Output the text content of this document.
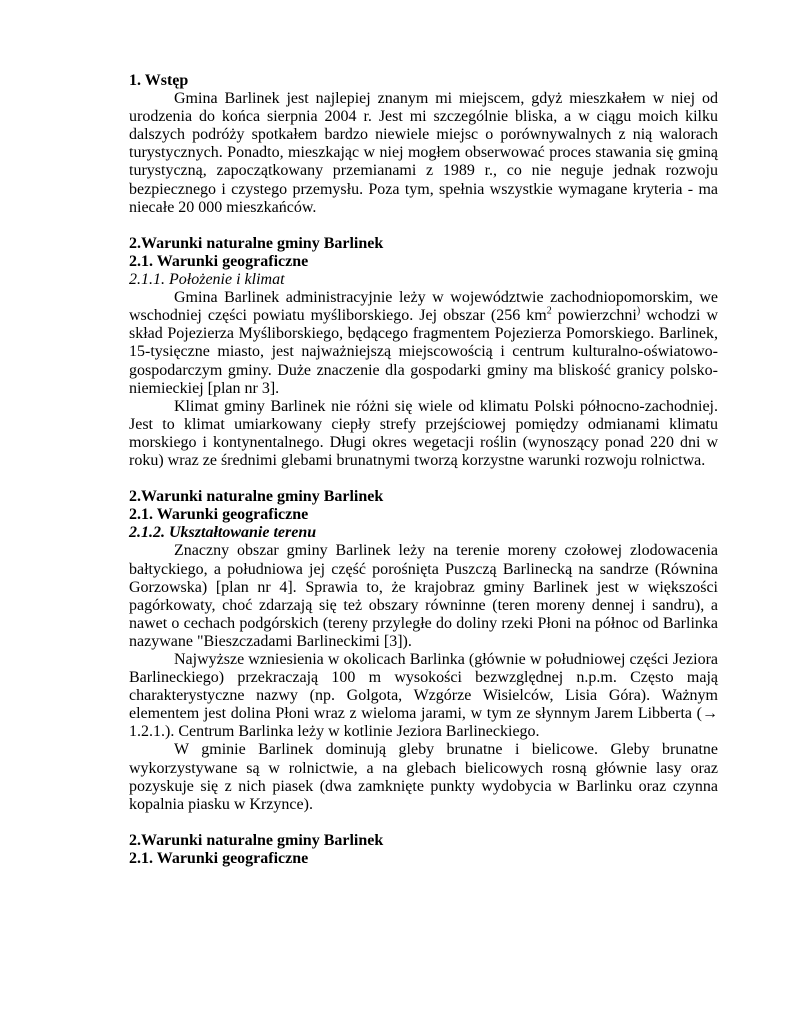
1. Wstęp

Gmina Barlinek jest najlepiej znanym mi miejscem, gdyż mieszkałem w niej od urodzenia do końca sierpnia 2004 r. Jest mi szczególnie bliska, a w ciągu moich kilku dalszych podróży spotkałem bardzo niewiele miejsc o porównywalnych z nią walorach turystycznych. Ponadto, mieszkając w niej mogłem obserwować proces stawania się gminą turystyczną, zapoczątkowany przemianami z 1989 r., co nie neguje jednak rozwoju bezpiecznego i czystego przemysłu. Poza tym, spełnia wszystkie wymagane kryteria - ma niecałe 20 000 mieszkańców.

2.Warunki naturalne gminy Barlinek
2.1. Warunki geograficzne
2.1.1. Położenie i klimat

Gmina Barlinek administracyjnie leży w województwie zachodniopomorskim, we wschodniej części powiatu myśliborskiego. Jej obszar (256 $km^2$ powierzchni) wchodzi w skład Pojezierza Myśliborskiego, będącego fragmentem Pojezierza Pomorskiego. Barlinek, 15-tysięczne miasto, jest najważniejszą miejscowością i centrum kulturalno-oświatowo-gospodarczym gminy. Duże znaczenie dla gospodarki gminy ma bliskość granicy polsko-niemieckiej [plan nr 3].

Klimat gminy Barlinek nie różni się wiele od klimatu Polski północno-zachodniej. Jest to klimat umiarkowany ciepły strefy przejściowej pomiędzy odmianami klimatu morskiego i kontynentalnego. Długi okres wegetacji roślin (wynoszący ponad 220 dni w roku) wraz ze średnimi glebami brunatnymi tworzą korzystne warunki rozwoju rolnictwa.

2.Warunki naturalne gminy Barlinek
2.1. Warunki geograficzne
2.1.2. Ukształtowanie terenu

Znaczny obszar gminy Barlinek leży na terenie moreny czołowej zlodowacenia bałtyckiego, a południowa jej część porośnięta Puszczą Barlinecką na sandrze (Równina Gorzowska) [plan nr 4]. Sprawia to, że krajobraz gminy Barlinek jest w większości pagórkowaty, choć zdarzają się też obszary równinne (teren moreny dennej i sandru), a nawet o cechach podgórskich (tereny przyległe do doliny rzeki Płoni na północ od Barlinka nazywane "Bieszczadami Barlineckimi [3]).

Najwyższe wzniesienia w okolicach Barlinka (głównie w południowej części Jeziora Barlineckiego) przekraczają 100 m wysokości bezwzględnej n.p.m. Często mają charakterystyczne nazwy (np. Golgota, Wzgórze Wisielców, Lisia Góra). Ważnym elementem jest dolina Płoni wraz z wieloma jarami, w tym ze słynnym Jarem Libberta (→ 1.2.1.). Centrum Barlinka leży w kotlinie Jeziora Barlineckiego.

W gminie Barlinek dominują gleby brunatne i bielicowe. Gleby brunatne wykorzystywane są w rolnictwie, a na glebach bielicowych rosną głównie lasy oraz pozyskuje się z nich piasek (dwa zamknięte punkty wydobycia w Barlinku oraz czynna kopalnia piasku w Krzynce).

2.Warunki naturalne gminy Barlinek
2.1. Warunki geograficzne
